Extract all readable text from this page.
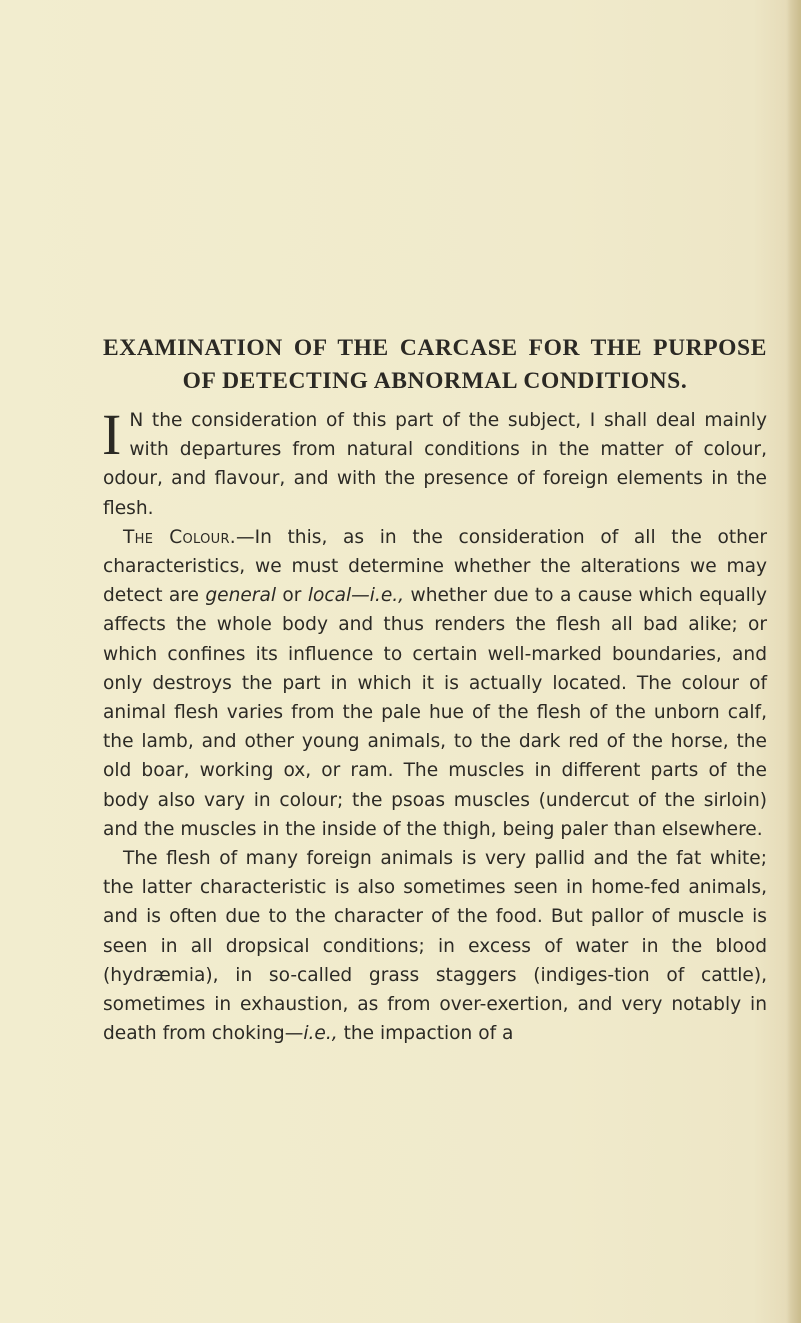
EXAMINATION OF THE CARCASE FOR THE PURPOSE
OF DETECTING ABNORMAL CONDITIONS.

I N the consideration of this part of the subject, I shall deal mainly with departures from natural conditions in the matter of colour, odour, and flavour, and with the presence of foreign elements in the flesh.

The Colour.—In this, as in the consideration of all the other characteristics, we must determine whether the alterations we may detect are general or local—i.e., whether due to a cause which equally affects the whole body and thus renders the flesh all bad alike; or which confines its influence to certain well-marked boundaries, and only destroys the part in which it is actually located. The colour of animal flesh varies from the pale hue of the flesh of the unborn calf, the lamb, and other young animals, to the dark red of the horse, the old boar, working ox, or ram. The muscles in different parts of the body also vary in colour; the psoas muscles (undercut of the sirloin) and the muscles in the inside of the thigh, being paler than elsewhere.

The flesh of many foreign animals is very pallid and the fat white; the latter characteristic is also sometimes seen in home-fed animals, and is often due to the character of the food. But pallor of muscle is seen in all dropsical conditions; in excess of water in the blood (hydræmia), in so-called grass staggers (indiges-tion of cattle), sometimes in exhaustion, as from over-exertion, and very notably in death from choking—i.e., the impaction of a
